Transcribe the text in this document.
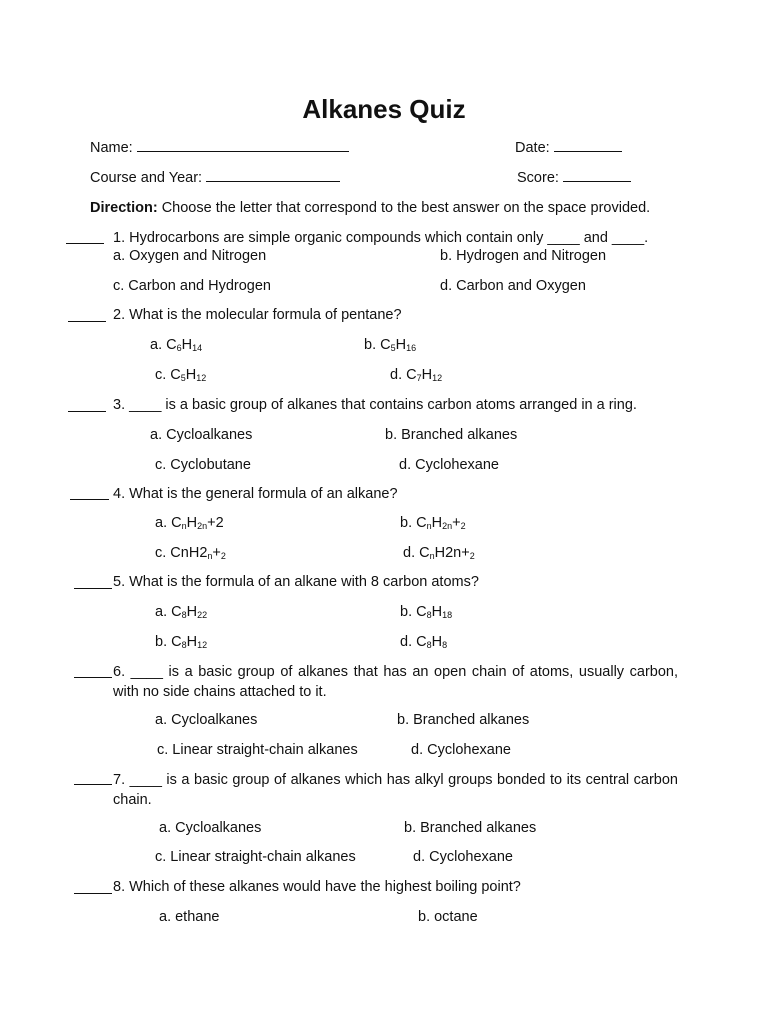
Alkanes Quiz
Name:	Date:
Course and Year:	Score:
Direction: Choose the letter that correspond to the best answer on the space provided.
1. Hydrocarbons are simple organic compounds which contain only ____ and ____.
a. Oxygen and Nitrogen	b. Hydrogen and Nitrogen
c. Carbon and Hydrogen	d. Carbon and Oxygen
2. What is the molecular formula of pentane?
a. $C_6H_{14}$	b. $C_5H_{16}$
c. $C_5H_{12}$	d. $C_7H_{12}$
3. ____ is a basic group of alkanes that contains carbon atoms arranged in a ring.
a. Cycloalkanes	b. Branched alkanes
c. Cyclobutane	d. Cyclohexane
4. What is the general formula of an alkane?
a. $C_nH_{2n}+2$	b. $C_nH_{2n}+_2$
c. $CnH2_n+_2$	d. $C_nH2n+_2$
5. What is the formula of an alkane with 8 carbon atoms?
a. $C_8H_{22}$	b. $C_8H_{18}$
b. $C_8H_{12}$	d. $C_8H_8$
6. ____ is a basic group of alkanes that has an open chain of atoms, usually carbon, with no side chains attached to it.
a. Cycloalkanes	b. Branched alkanes
c. Linear straight-chain alkanes	d. Cyclohexane
7. ____ is a basic group of alkanes which has alkyl groups bonded to its central carbon chain.
a. Cycloalkanes	b. Branched alkanes
c. Linear straight-chain alkanes	d. Cyclohexane
8. Which of these alkanes would have the highest boiling point?
a. ethane	b. octane
